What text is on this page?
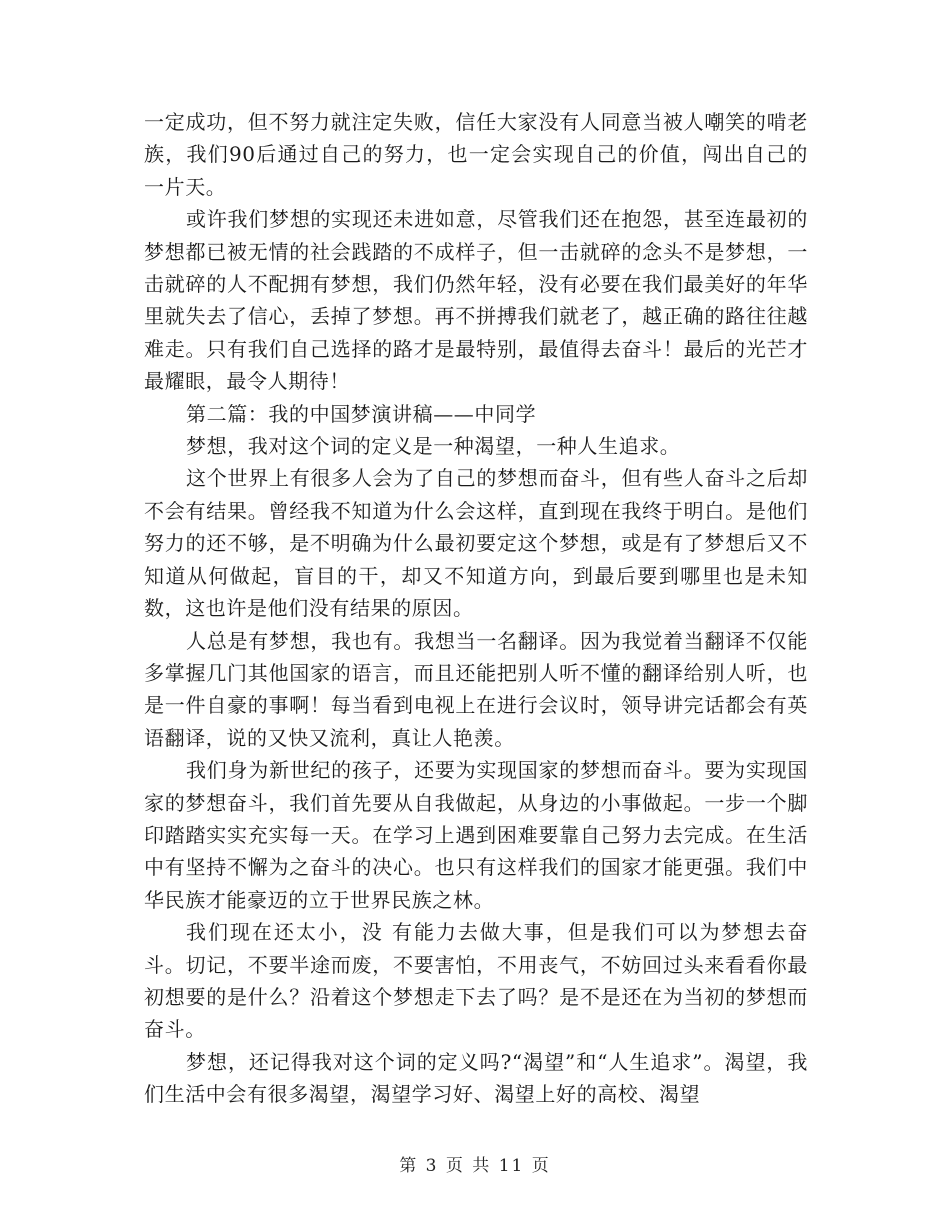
一定成功，但不努力就注定失败，信任大家没有人同意当被人嘲笑的啃老族，我们90后通过自己的努力，也一定会实现自己的价值，闯出自己的一片天。

或许我们梦想的实现还未进如意，尽管我们还在抱怨，甚至连最初的梦想都已被无情的社会践踏的不成样子，但一击就碎的念头不是梦想，一击就碎的人不配拥有梦想，我们仍然年轻，没有必要在我们最美好的年华里就失去了信心，丢掉了梦想。再不拼搏我们就老了，越正确的路往往越难走。只有我们自己选择的路才是最特别，最值得去奋斗！最后的光芒才最耀眼，最令人期待！

第二篇：我的中国梦演讲稿——中同学

梦想，我对这个词的定义是一种渴望，一种人生追求。

这个世界上有很多人会为了自己的梦想而奋斗，但有些人奋斗之后却不会有结果。曾经我不知道为什么会这样，直到现在我终于明白。是他们努力的还不够，是不明确为什么最初要定这个梦想，或是有了梦想后又不知道从何做起，盲目的干，却又不知道方向，到最后要到哪里也是未知数，这也许是他们没有结果的原因。

人总是有梦想，我也有。我想当一名翻译。因为我觉着当翻译不仅能多掌握几门其他国家的语言，而且还能把别人听不懂的翻译给别人听，也是一件自豪的事啊！每当看到电视上在进行会议时，领导讲完话都会有英语翻译，说的又快又流利，真让人艳羡。

我们身为新世纪的孩子，还要为实现国家的梦想而奋斗。要为实现国家的梦想奋斗，我们首先要从自我做起，从身边的小事做起。一步一个脚印踏踏实实充实每一天。在学习上遇到困难要靠自己努力去完成。在生活中有坚持不懈为之奋斗的决心。也只有这样我们的国家才能更强。我们中华民族才能豪迈的立于世界民族之林。

我们现在还太小，没 有能力去做大事，但是我们可以为梦想去奋斗。切记，不要半途而废，不要害怕，不用丧气，不妨回过头来看看你最初想要的是什么？沿着这个梦想走下去了吗？是不是还在为当初的梦想而奋斗。

梦想，还记得我对这个词的定义吗?“渴望”和“人生追求”。渴望，我们生活中会有很多渴望，渴望学习好、渴望上好的高校、渴望

第 3 页 共 11 页
